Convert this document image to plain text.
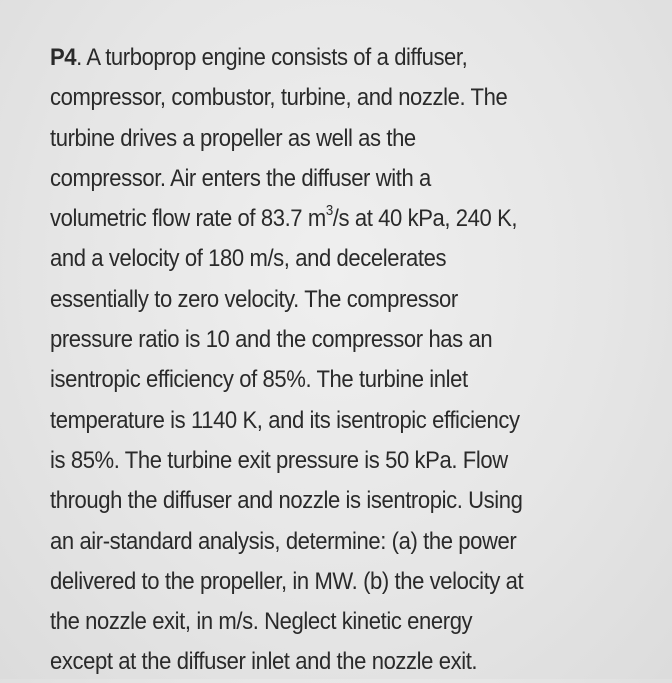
P4. A turboprop engine consists of a diffuser,
compressor, combustor, turbine, and nozzle. The
turbine drives a propeller as well as the
compressor. Air enters the diffuser with a
volumetric flow rate of 83.7 $m^3/s$ at 40 kPa, 240 K,
and a velocity of 180 m/s, and decelerates
essentially to zero velocity. The compressor
pressure ratio is 10 and the compressor has an
isentropic efficiency of 85%. The turbine inlet
temperature is 1140 K, and its isentropic efficiency
is 85%. The turbine exit pressure is 50 kPa. Flow
through the diffuser and nozzle is isentropic. Using
an air-standard analysis, determine: (a) the power
delivered to the propeller, in MW. (b) the velocity at
the nozzle exit, in m/s. Neglect kinetic energy
except at the diffuser inlet and the nozzle exit.
